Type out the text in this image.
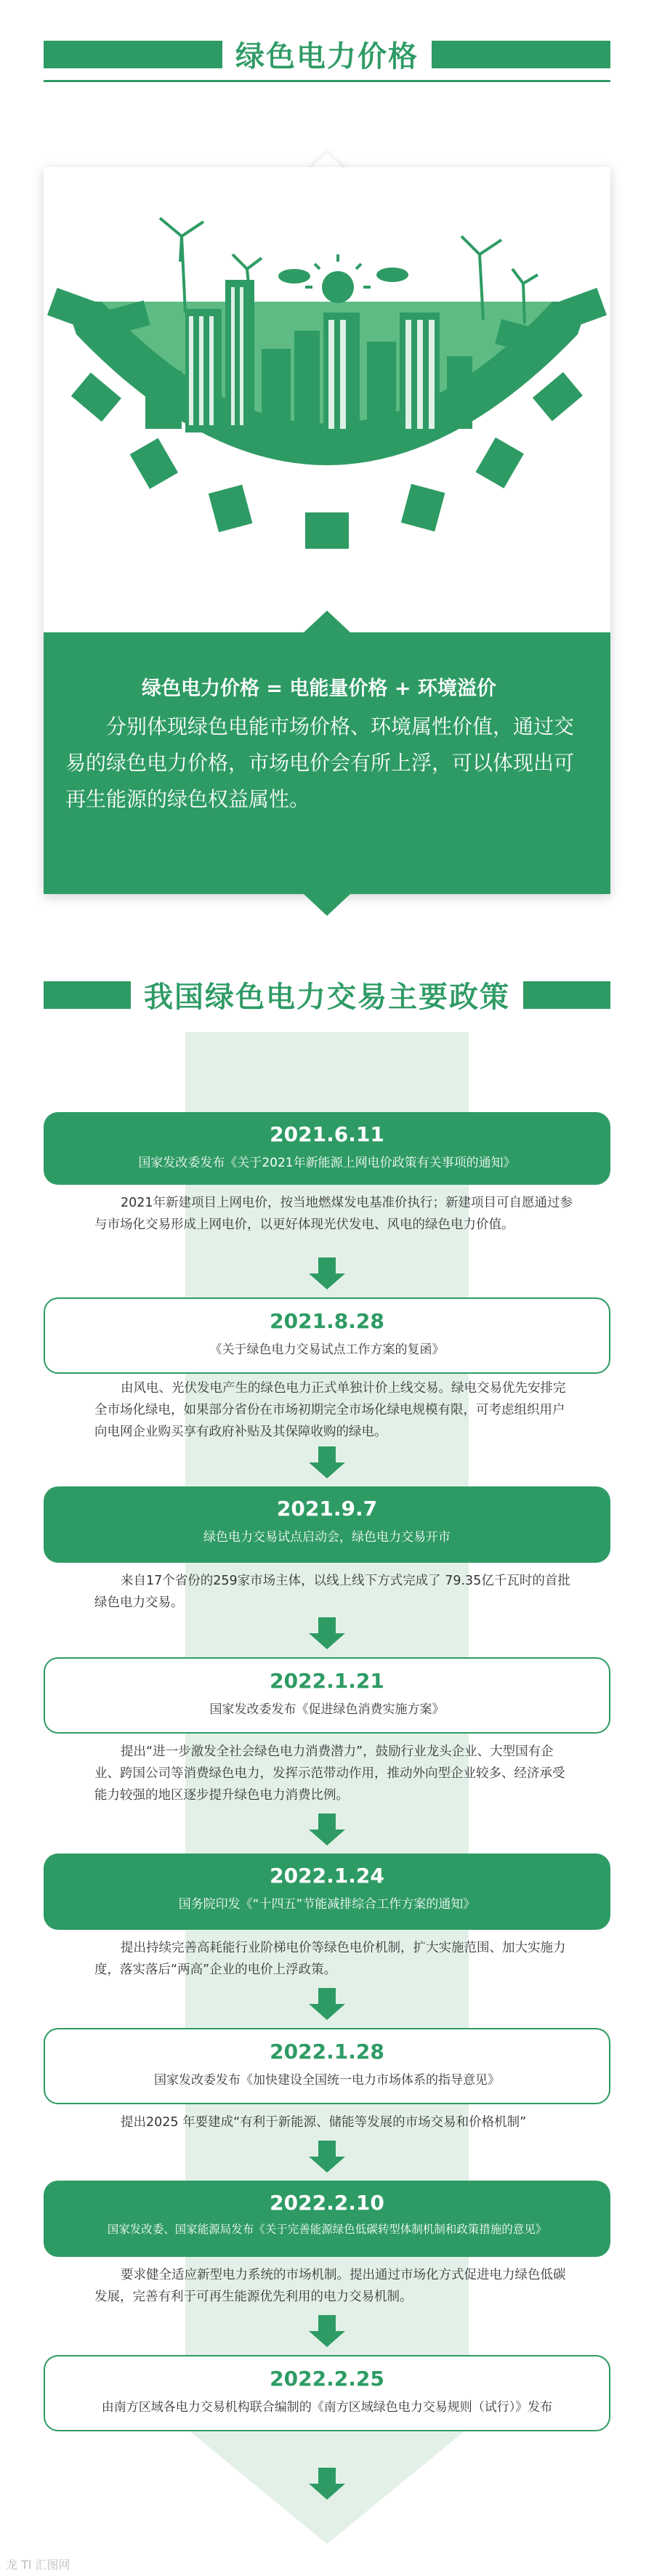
绿色电力价格
绿色电力价格 = 电能量价格 + 环境溢价
分别体现绿色电能市场价格、环境属性价值，通过交易的绿色电力价格，市场电价会有所上浮，可以体现出可再生能源的绿色权益属性。
我国绿色电力交易主要政策
2021.6.11
国家发改委发布《关于2021年新能源上网电价政策有关事项的通知》
2021年新建项目上网电价，按当地燃煤发电基准价执行；新建项目可自愿通过参与市场化交易形成上网电价，以更好体现光伏发电、风电的绿色电力价值。
2021.8.28
《关于绿色电力交易试点工作方案的复函》
由风电、光伏发电产生的绿色电力正式单独计价上线交易。绿电交易优先安排完全市场化绿电，如果部分省份在市场初期完全市场化绿电规模有限，可考虑组织用户向电网企业购买享有政府补贴及其保障收购的绿电。
2021.9.7
绿色电力交易试点启动会，绿色电力交易开市
来自17个省份的259家市场主体，以线上线下方式完成了 79.35亿千瓦时的首批绿色电力交易。
2022.1.21
国家发改委发布《促进绿色消费实施方案》
提出“进一步激发全社会绿色电力消费潜力”，鼓励行业龙头企业、大型国有企业、跨国公司等消费绿色电力，发挥示范带动作用，推动外向型企业较多、经济承受能力较强的地区逐步提升绿色电力消费比例。
2022.1.24
国务院印发《“十四五”节能减排综合工作方案的通知》
提出持续完善高耗能行业阶梯电价等绿色电价机制，扩大实施范围、加大实施力度，落实落后“两高”企业的电价上浮政策。
2022.1.28
国家发改委发布《加快建设全国统一电力市场体系的指导意见》
提出2025 年要建成“有利于新能源、储能等发展的市场交易和价格机制”
2022.2.10
国家发改委、国家能源局发布《关于完善能源绿色低碳转型体制机制和政策措施的意见》
要求健全适应新型电力系统的市场机制。提出通过市场化方式促进电力绿色低碳发展，完善有利于可再生能源优先利用的电力交易机制。
2022.2.25
由南方区域各电力交易机构联合编制的《南方区域绿色电力交易规则（试行）》发布
龙 Tl 汇图网
